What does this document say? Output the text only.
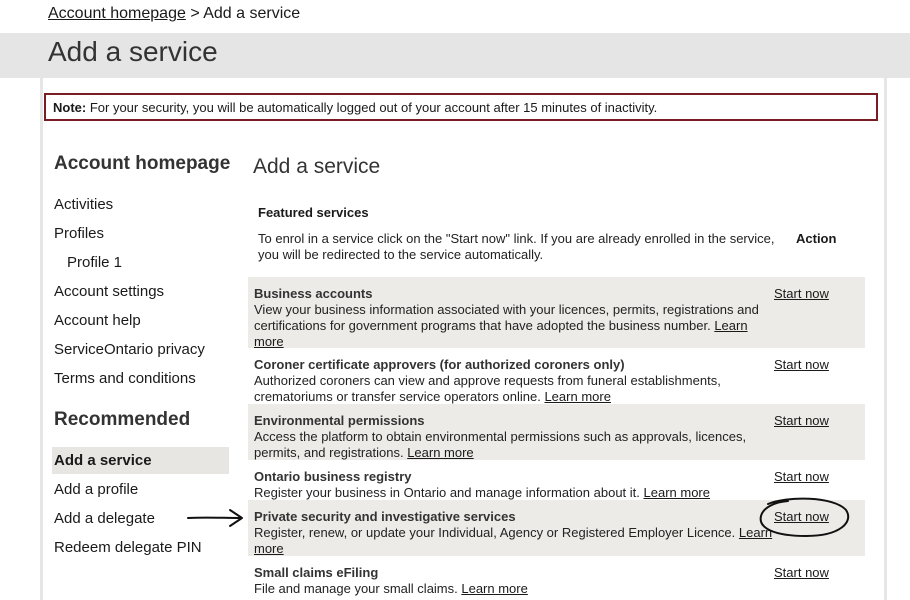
Account homepage > Add a service
Add a service
Note: For your security, you will be automatically logged out of your account after 15 minutes of inactivity.
Account homepage
Activities
Profiles
Profile 1
Account settings
Account help
ServiceOntario privacy
Terms and conditions
Recommended
Add a service
Add a profile
Add a delegate
Redeem delegate PIN
Add a service
Featured services
To enrol in a service click on the "Start now" link. If you are already enrolled in the service, you will be redirected to the service automatically.
Action
Business accounts
View your business information associated with your licences, permits, registrations and certifications for government programs that have adopted the business number. Learn more
Start now
Coroner certificate approvers (for authorized coroners only)
Authorized coroners can view and approve requests from funeral establishments, crematoriums or transfer service operators online. Learn more
Start now
Environmental permissions
Access the platform to obtain environmental permissions such as approvals, licences, permits, and registrations. Learn more
Start now
Ontario business registry
Register your business in Ontario and manage information about it. Learn more
Start now
Private security and investigative services
Register, renew, or update your Individual, Agency or Registered Employer Licence. Learn more
Start now
Small claims eFiling
File and manage your small claims. Learn more
Start now
